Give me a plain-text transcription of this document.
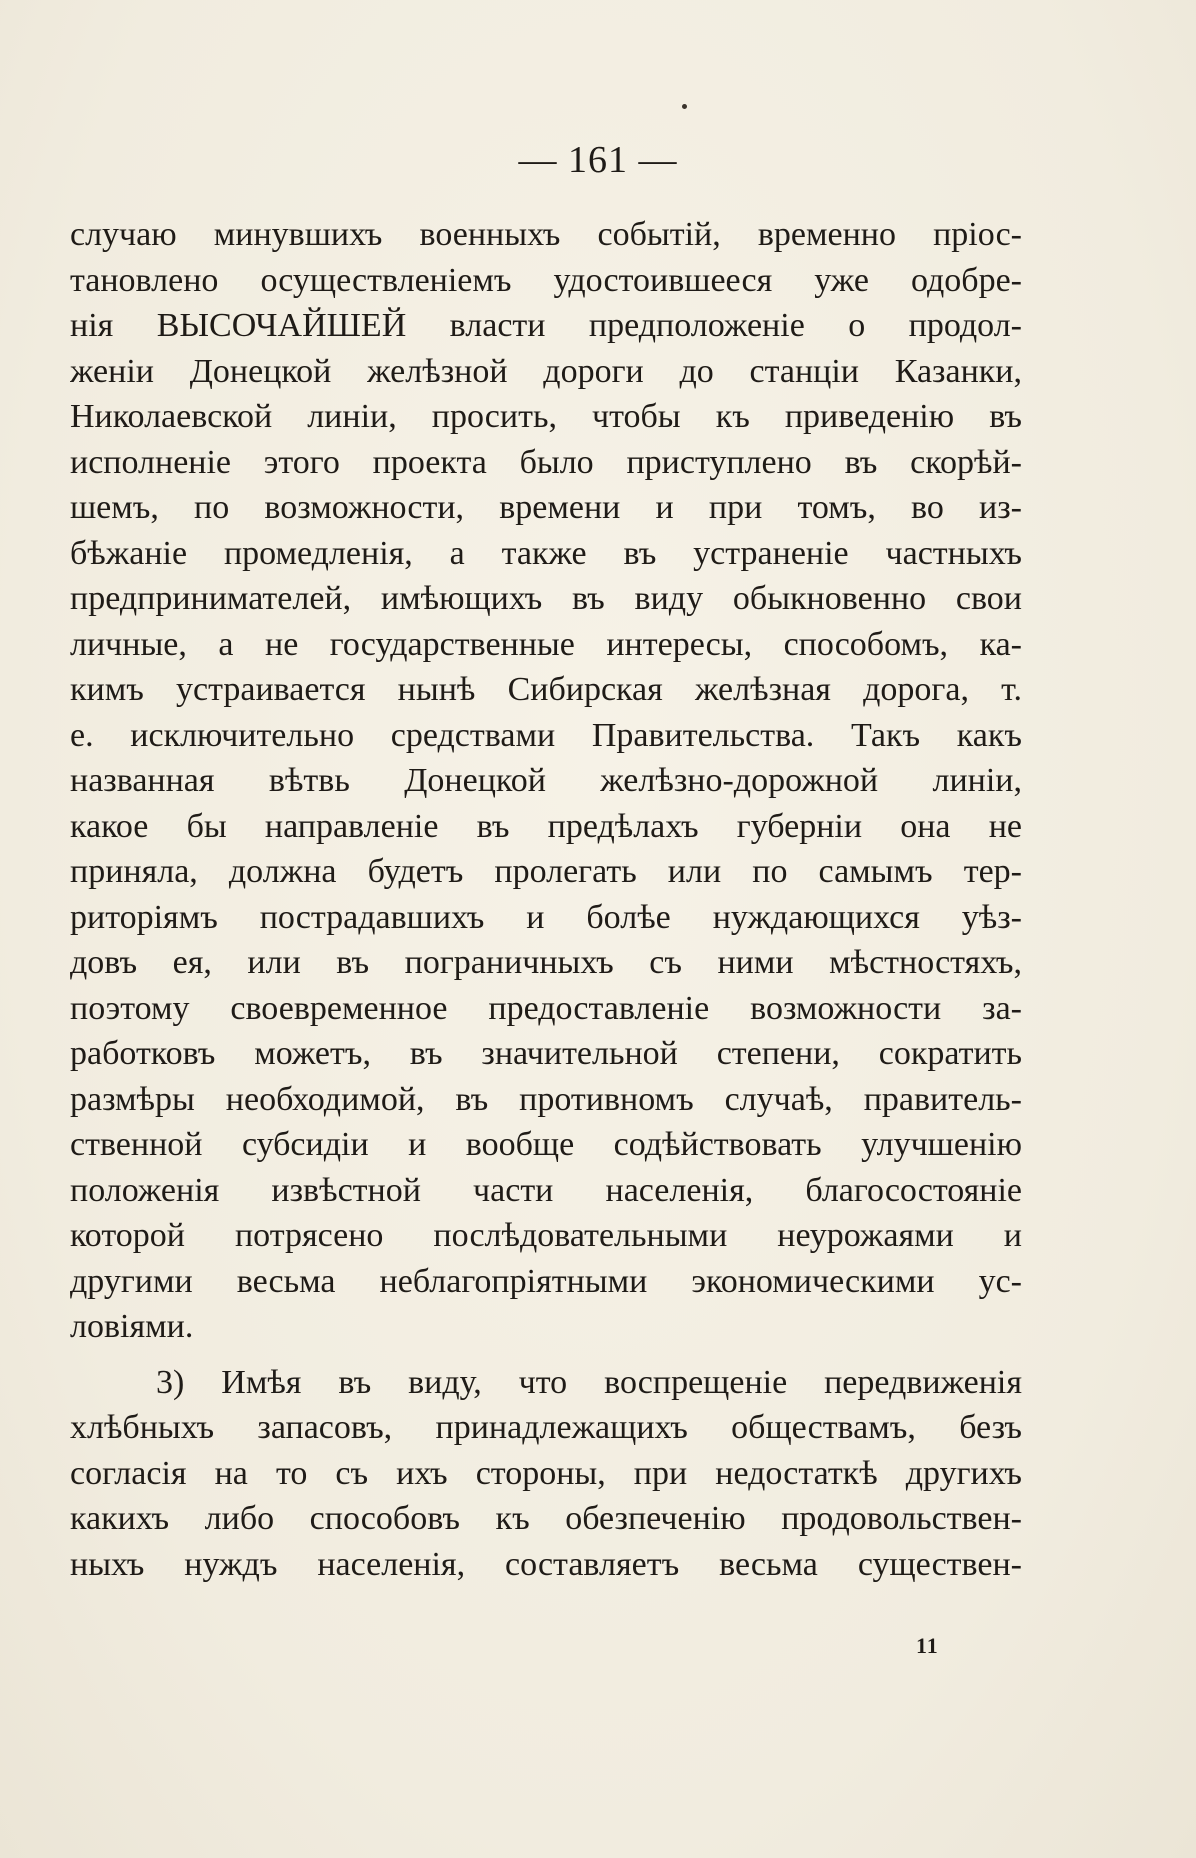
— 161 —
случаю минувшихъ военныхъ событій, временно пріос-
тановлено осуществленіемъ удостоившееся уже одобре-
нія ВЫСОЧАЙШЕЙ власти предположеніе о продол-
женіи Донецкой желѣзной дороги до станціи Казанки,
Николаевской линіи, просить, чтобы къ приведенію въ
исполненіе этого проекта было приступлено въ скорѣй-
шемъ, по возможности, времени и при томъ, во из-
бѣжаніе промедленія, а также въ устраненіе частныхъ
предпринимателей, имѣющихъ въ виду обыкновенно свои
личные, а не государственные интересы, способомъ, ка-
кимъ устраивается нынѣ Сибирская желѣзная дорога, т.
е. исключительно средствами Правительства. Такъ какъ
названная вѣтвь Донецкой желѣзно-дорожной линіи,
какое бы направленіе въ предѣлахъ губерніи она не
приняла, должна будетъ пролегать или по самымъ тер-
риторіямъ пострадавшихъ и болѣе нуждающихся уѣз-
довъ ея, или въ пограничныхъ съ ними мѣстностяхъ,
поэтому своевременное предоставленіе возможности за-
работковъ можетъ, въ значительной степени, сократить
размѣры необходимой, въ противномъ случаѣ, правитель-
ственной субсидіи и вообще содѣйствовать улучшенію
положенія извѣстной части населенія, благосостояніе
которой потрясено послѣдовательными неурожаями и
другими весьма неблагопріятными экономическими ус-
ловіями.
3) Имѣя въ виду, что воспрещеніе передвиженія
хлѣбныхъ запасовъ, принадлежащихъ обществамъ, безъ
согласія на то съ ихъ стороны, при недостаткѣ другихъ
какихъ либо способовъ къ обезпеченію продовольствен-
ныхъ нуждъ населенія, составляетъ весьма существен-
11
